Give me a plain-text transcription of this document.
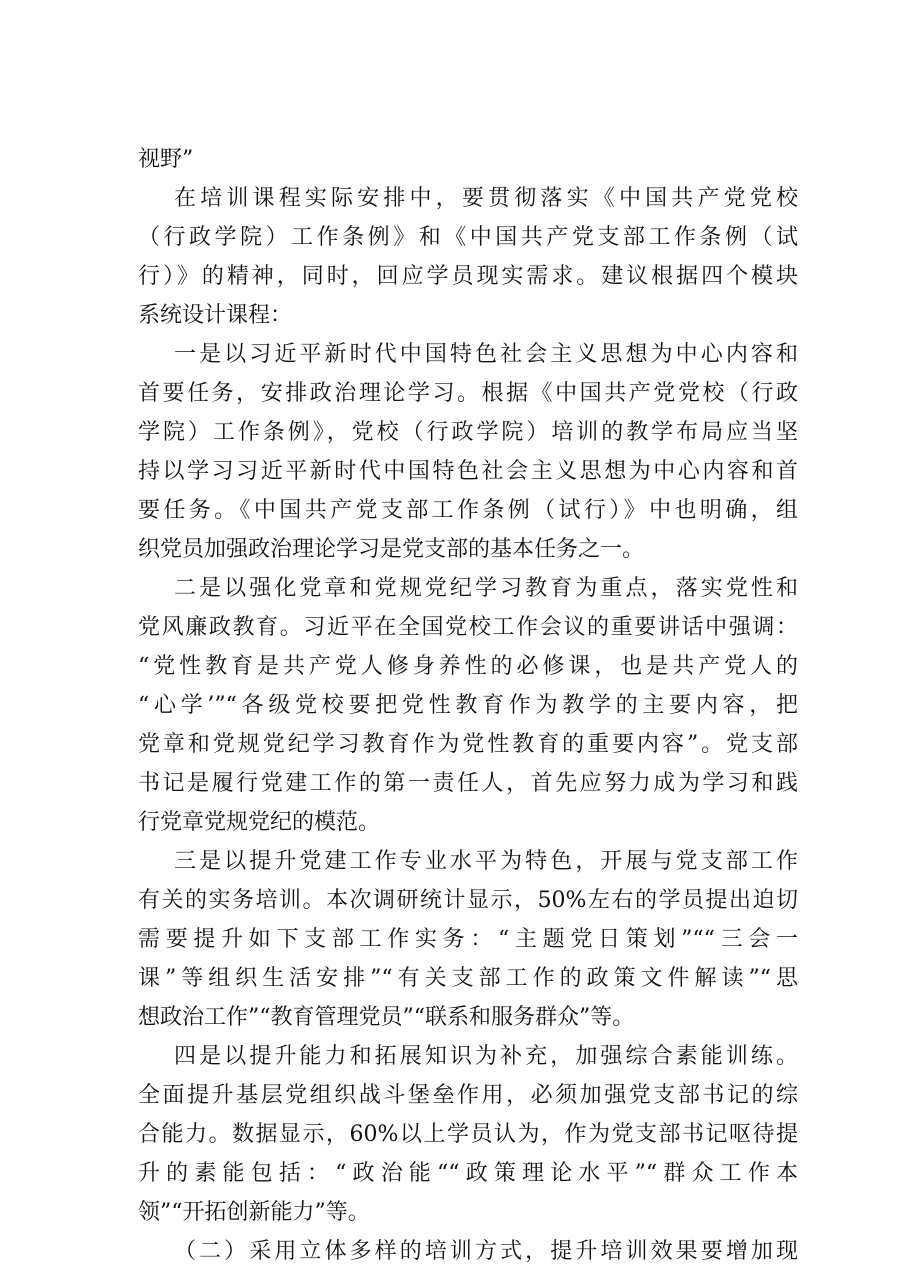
视野”
在培训课程实际安排中，要贯彻落实《中国共产党党校
（行政学院）工作条例》和《中国共产党支部工作条例（试
行）》的精神，同时，回应学员现实需求。建议根据四个模块
系统设计课程：
一是以习近平新时代中国特色社会主义思想为中心内容和
首要任务，安排政治理论学习。根据《中国共产党党校（行政
学院）工作条例》，党校（行政学院）培训的教学布局应当坚
持以学习习近平新时代中国特色社会主义思想为中心内容和首
要任务。《中国共产党支部工作条例（试行）》中也明确，组
织党员加强政治理论学习是党支部的基本任务之一。
二是以强化党章和党规党纪学习教育为重点，落实党性和
党风廉政教育。习近平在全国党校工作会议的重要讲话中强调：
“党性教育是共产党人修身养性的必修课，也是共产党人的
“心学’”“各级党校要把党性教育作为教学的主要内容，把
党章和党规党纪学习教育作为党性教育的重要内容”。党支部
书记是履行党建工作的第一责任人，首先应努力成为学习和践
行党章党规党纪的模范。
三是以提升党建工作专业水平为特色，开展与党支部工作
有关的实务培训。本次调研统计显示，50%左右的学员提出迫切
需要提升如下支部工作实务：“主题党日策划”““三会一
课”等组织生活安排”“有关支部工作的政策文件解读”“思
想政治工作”“教育管理党员”“联系和服务群众”等。
四是以提升能力和拓展知识为补充，加强综合素能训练。
全面提升基层党组织战斗堡垒作用，必须加强党支部书记的综
合能力。数据显示，60%以上学员认为，作为党支部书记呕待提
升的素能包括：“政治能““政策理论水平”“群众工作本
领”“开拓创新能力”等。
（二）采用立体多样的培训方式，提升培训效果要增加现
